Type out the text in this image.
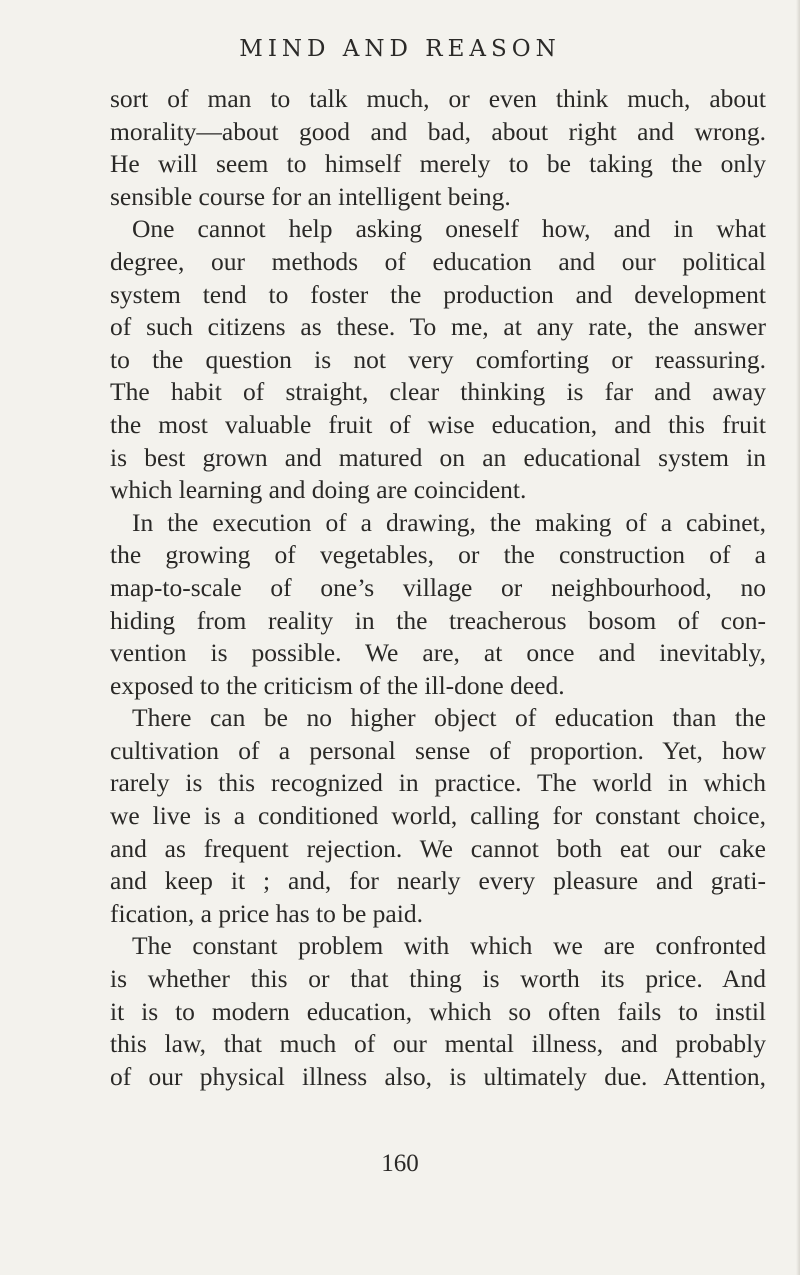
MIND AND REASON
sort of man to talk much, or even think much, about
morality—about good and bad, about right and wrong.
He will seem to himself merely to be taking the only
sensible course for an intelligent being.
One cannot help asking oneself how, and in what
degree, our methods of education and our political
system tend to foster the production and development
of such citizens as these. To me, at any rate, the answer
to the question is not very comforting or reassuring.
The habit of straight, clear thinking is far and away
the most valuable fruit of wise education, and this fruit
is best grown and matured on an educational system in
which learning and doing are coincident.
In the execution of a drawing, the making of a cabinet,
the growing of vegetables, or the construction of a
map-to-scale of one’s village or neighbourhood, no
hiding from reality in the treacherous bosom of con-
vention is possible. We are, at once and inevitably,
exposed to the criticism of the ill-done deed.
There can be no higher object of education than the
cultivation of a personal sense of proportion. Yet, how
rarely is this recognized in practice. The world in which
we live is a conditioned world, calling for constant choice,
and as frequent rejection. We cannot both eat our cake
and keep it ; and, for nearly every pleasure and grati-
fication, a price has to be paid.
The constant problem with which we are confronted
is whether this or that thing is worth its price. And
it is to modern education, which so often fails to instil
this law, that much of our mental illness, and probably
of our physical illness also, is ultimately due. Attention,
160
